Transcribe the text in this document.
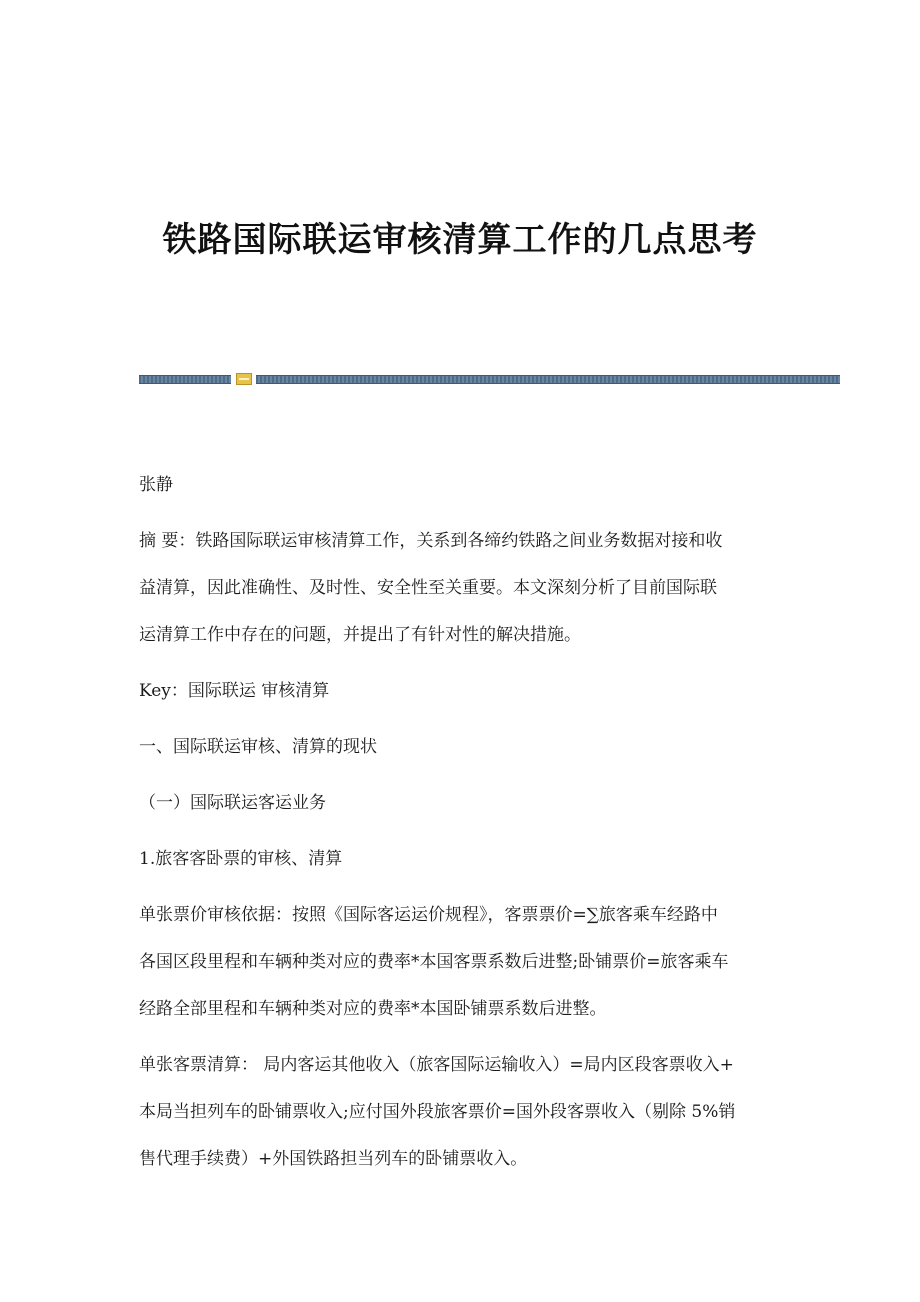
铁路国际联运审核清算工作的几点思考

张静

摘 要：铁路国际联运审核清算工作，关系到各缔约铁路之间业务数据对接和收

益清算，因此准确性、及时性、安全性至关重要。本文深刻分析了目前国际联

运清算工作中存在的问题，并提出了有针对性的解决措施。

Key：国际联运 审核清算

一、国际联运审核、清算的现状

（一）国际联运客运业务

1.旅客客卧票的审核、清算

单张票价审核依据：按照《国际客运运价规程》，客票票价=∑旅客乘车经路中

各国区段里程和车辆种类对应的费率*本国客票系数后进整;卧铺票价=旅客乘车

经路全部里程和车辆种类对应的费率*本国卧铺票系数后进整。

单张客票清算： 局内客运其他收入（旅客国际运输收入）=局内区段客票收入+

本局当担列车的卧铺票收入;应付国外段旅客票价=国外段客票收入（剔除 5%销

售代理手续费）+外国铁路担当列车的卧铺票收入。
